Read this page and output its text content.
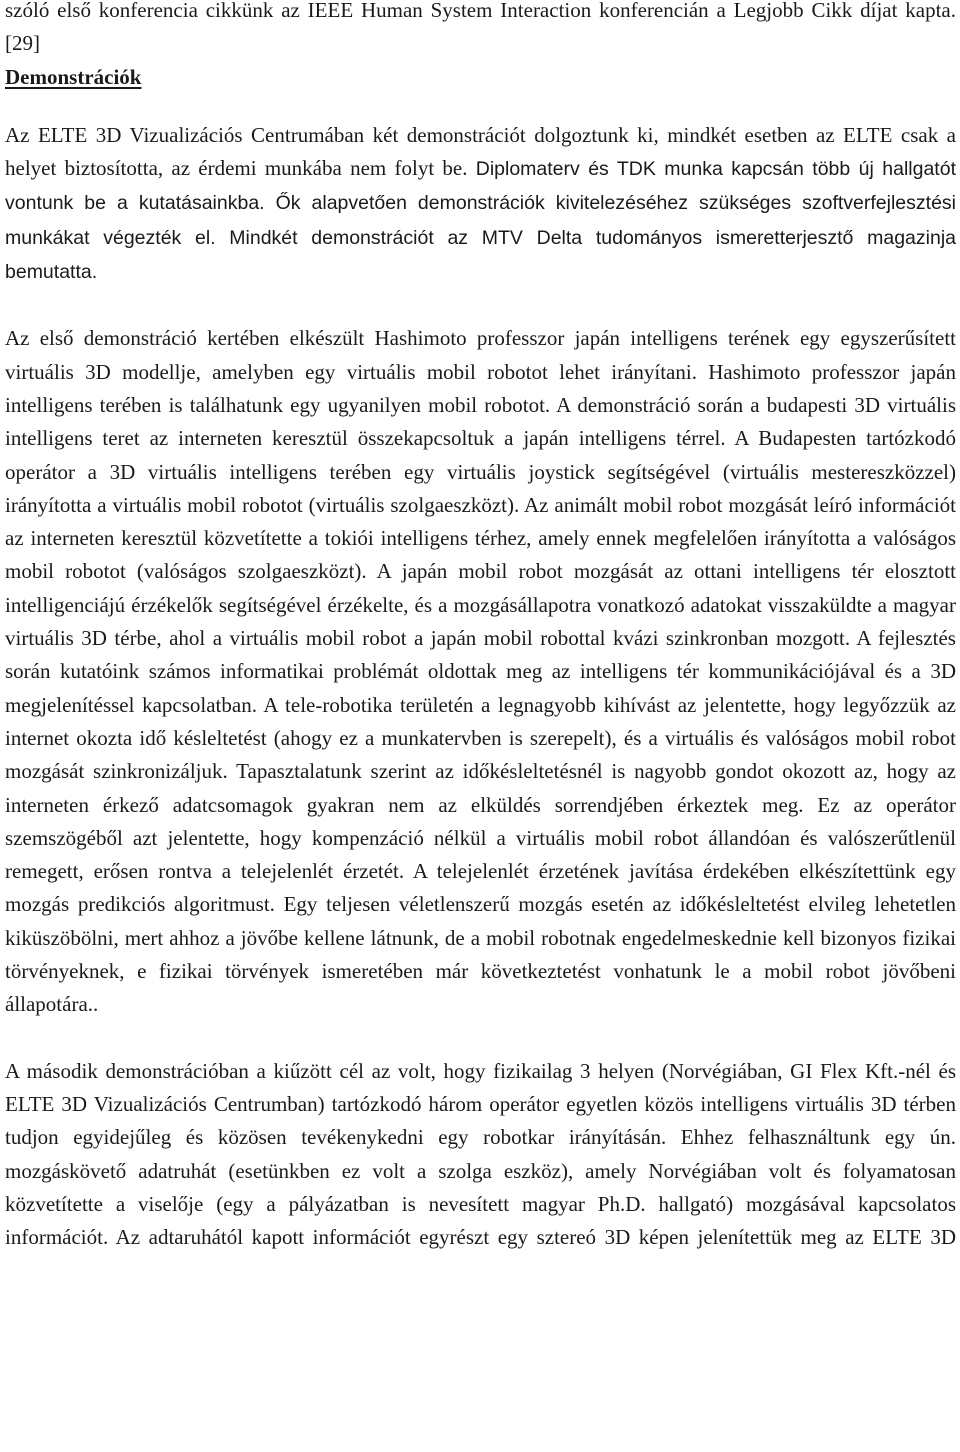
szóló első konferencia cikkünk az IEEE Human System Interaction konferencián a Legjobb Cikk díjat kapta. [29]

Demonstrációk

Az ELTE 3D Vizualizációs Centrumában két demonstrációt dolgoztunk ki, mindkét esetben az ELTE csak a helyet biztosította, az érdemi munkába nem folyt be. Diplomaterv és TDK munka kapcsán több új hallgatót vontunk be a kutatásainkba. Ők alapvetően demonstrációk kivitelezéséhez szükséges szoftverfejlesztési munkákat végezték el. Mindkét demonstrációt az MTV Delta tudományos ismeretterjesztő magazinja bemutatta.

Az első demonstráció kertében elkészült Hashimoto professzor japán intelligens terének egy egyszerűsített virtuális 3D modellje, amelyben egy virtuális mobil robotot lehet irányítani. Hashimoto professzor japán intelligens terében is találhatunk egy ugyanilyen mobil robotot. A demonstráció során a budapesti 3D virtuális intelligens teret az interneten keresztül összekapcsoltuk a japán intelligens térrel. A Budapesten tartózkodó operátor a 3D virtuális intelligens terében egy virtuális joystick segítségével (virtuális mestereszközzel) irányította a virtuális mobil robotot (virtuális szolgaeszközt). Az animált mobil robot mozgását leíró információt az interneten keresztül közvetítette a tokiói intelligens térhez, amely ennek megfelelően irányította a valóságos mobil robotot (valóságos szolgaeszközt). A japán mobil robot mozgását az ottani intelligens tér elosztott intelligenciájú érzékelők segítségével érzékelte, és a mozgásállapotra vonatkozó adatokat visszaküldte a magyar virtuális 3D térbe, ahol a virtuális mobil robot a japán mobil robottal kvázi szinkronban mozgott. A fejlesztés során kutatóink számos informatikai problémát oldottak meg az intelligens tér kommunikációjával és a 3D megjelenítéssel kapcsolatban. A tele-robotika területén a legnagyobb kihívást az jelentette, hogy legyőzzük az internet okozta idő késleltetést (ahogy ez a munkatervben is szerepelt), és a virtuális és valóságos mobil robot mozgását szinkronizáljuk. Tapasztalatunk szerint az időkésleltetésnél is nagyobb gondot okozott az, hogy az interneten érkező adatcsomagok gyakran nem az elküldés sorrendjében érkeztek meg. Ez az operátor szemszögéből azt jelentette, hogy kompenzáció nélkül a virtuális mobil robot állandóan és valószerűtlenül remegett, erősen rontva a telejelenlét érzetét. A telejelenlét érzetének javítása érdekében elkészítettünk egy mozgás predikciós algoritmust. Egy teljesen véletlenszerű mozgás esetén az időkésleltetést elvileg lehetetlen kiküszöbölni, mert ahhoz a jövőbe kellene látnunk, de a mobil robotnak engedelmeskednie kell bizonyos fizikai törvényeknek, e fizikai törvények ismeretében már következtetést vonhatunk le a mobil robot jövőbeni állapotára..

A második demonstrációban a kiűzött cél az volt, hogy fizikailag 3 helyen (Norvégiában, GI Flex Kft.-nél és ELTE 3D Vizualizációs Centrumban) tartózkodó három operátor egyetlen közös intelligens virtuális 3D térben tudjon egyidejűleg és közösen tevékenykedni egy robotkar irányításán. Ehhez felhasználtunk egy ún. mozgáskövető adatruhát (esetünkben ez volt a szolga eszköz), amely Norvégiában volt és folyamatosan közvetítette a viselője (egy a pályázatban is nevesített magyar Ph.D. hallgató) mozgásával kapcsolatos információt. Az adtaruhától kapott információt egyrészt egy sztereó 3D képen jelenítettük meg az ELTE 3D
